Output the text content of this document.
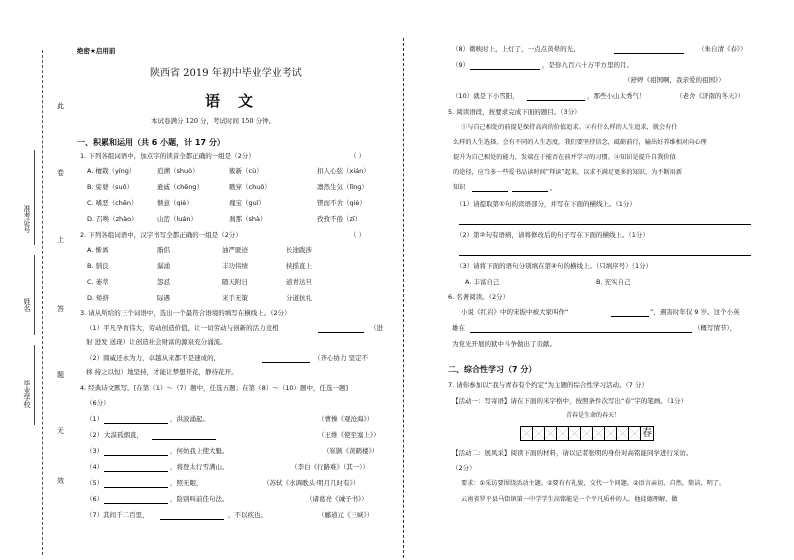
此
卷
上
答
题
无
效
准考证号
姓名
毕业学校
绝密★启用前
陕西省 2019 年初中毕业学业考试
语文
本试卷满分 120 分，考试时间 150 分钟。
一、积累和运用（共 6 小题，计 17 分）
1. 下列各组词语中，加点字的读音全都正确的一组是（2分）	（ ）
A. 檀栽（yíng）	追溯（shuò）	簇新（cù）	扣人心弦（xián）
B. 娑婆（suō）	逊戚（chēng）	戳穿（chuō）	凛然生気（lǐng）
C. 嗜恶（chēn）	惬意（qiè）	瑰宝（guī）	锲而不舍（qiè）
D. 召唤（zhào）	山峦（luán）	刹那（shà）	孜孜不倦（zī）
2. 下列各组词语中，汉字书写全都正确的一组是（2分）	（ ）
A. 惭离	脂侣	油严匿迹	长途跋涉
B. 驯良	潺涌	丰功伟绩	挟摇直上
C. 萎萃	怨怼	随天附日	道青达旦
D. 矫挤	际遇	来手无策	分道抗礼
3. 请从所给的三个词语中，选出一个最符合语境的填写在横线上。（2分）
（1）平凡孕育伟大，劳动创造价值，让一切劳动与创新的活力竞相	（进
射 进发 送现）让创造社会财富的源泉充分涌流。
（2）圆威还永为力，卓越从来都不是速成的，	（齐心协力 坚定不
移 持之以恒）地坚持，才能让梦想开花，静待花开。
4. 经典诗文默写。[在第（1）～（7）题中，任选五题；在第（8）～（10）题中，任选一题]
（6分）
（1）	，洪波涌起。	（曹操《观沧海》）
（2） 大漠孤烟直，	（王维《使至塞上》）
（3）	，何妨我上使大魁。	（崔颢《黄鹤楼》）
（4）	，将登太行雪满山。	（李白《行路难》（其一））
（5）	，照无眠，	（苏轼《水调歌头·明月几时有》）
（6）	，险别叫前佳句法。	（诸葛亮《诫子书》）
（7）其间千二百里，	，不以疾也。	（郦道元《三峡》）
（8）微映时上，上灯了，一点点黄晕的光，	（朱自清《春》）
（9）	，是你九百六十万平方里的月。
（舒婷《祖国啊，我亲爱的祖国》）
（10）就是下小雪阳，	，那些小山太秀气！	（老舍《济南的冬天》）
5. 阅读语段，按要求完成下面的题目。（3分）
①与自己相处的前提是保持高尚的价值追求。②有什么样的人生追求，就会有什
么样的人生选择，会有不同的人生态度。我们要坚持信念，砥砺前行，输出好养维相对向心理
提升为自己相处的能力，发端在于能否在前并学习的习惯。④知识是提升自我价值
的途径，应当多一些爱书品读时间“拜读”起来，以求不满足更多的知识，为不断用新
知识	。
（1）请提取第①句的宾语部分，并写在下面的横线上。（1分）
（2）第②句有语病，请将修改后的句子写在下面的横线上。（1分）
（3）请将下面的语句分别填在第④句的横线上。（只填序号）（1分）
A. 丰富自己	B. 充实自己
6. 名著阅读。（2分）
小说《红岩》中的宋振中被大家叫作“	”，遇害时年仅 9 岁。这个小英
雄在	（概写情节），
为党光开展的狱中斗争做出了贡献。
二、综合性学习（7 分）
7. 请你参加以“我与青春有个约定”为主题的综合性学习活动。（7 分）
【活动一：写寄语】请在下面的米字格中，按照条件次写出“春”字的笔画。（1分）
青春是生命的春天！
春
【活动二：展风采】阅读下面的材料，请以记者张明的身份对高铭能同学进行采访。
（2分）
要求：①采访要围绕活动主题。②要有有礼貌，交代一个问题。②语言亲切、自然，简洁，明了。
云南省罗平县马街镇第一中学学生高铭能是一个平凡质朴的人。他徒德理解，做
